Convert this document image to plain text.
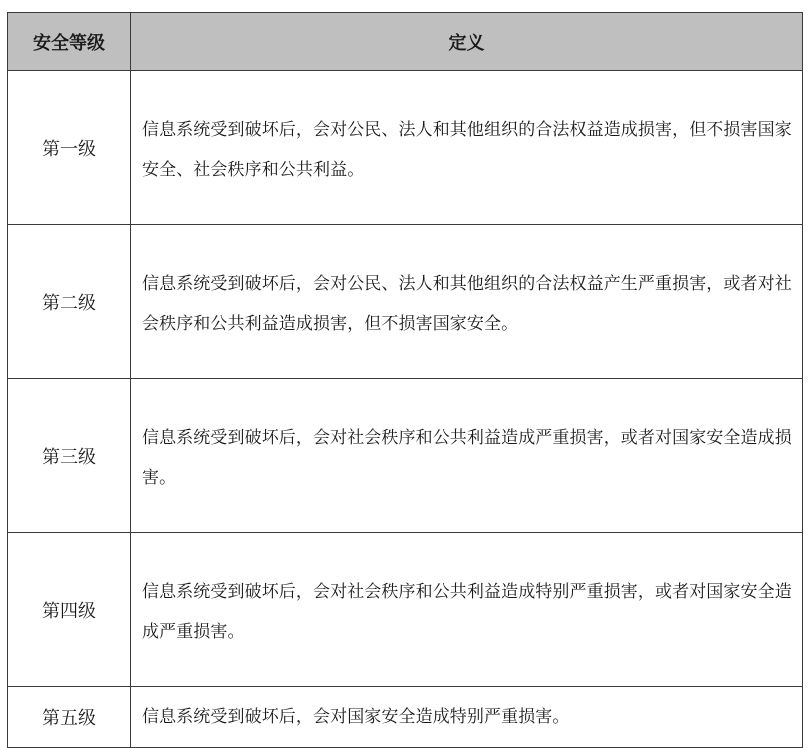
安全等级	定义
第一级	信息系统受到破坏后，会对公民、法人和其他组织的合法权益造成损害，但不损害国家安全、社会秩序和公共利益。
第二级	信息系统受到破坏后，会对公民、法人和其他组织的合法权益产生严重损害，或者对社会秩序和公共利益造成损害，但不损害国家安全。
第三级	信息系统受到破坏后，会对社会秩序和公共利益造成严重损害，或者对国家安全造成损害。
第四级	信息系统受到破坏后，会对社会秩序和公共利益造成特别严重损害，或者对国家安全造成严重损害。
第五级	信息系统受到破坏后，会对国家安全造成特别严重损害。
